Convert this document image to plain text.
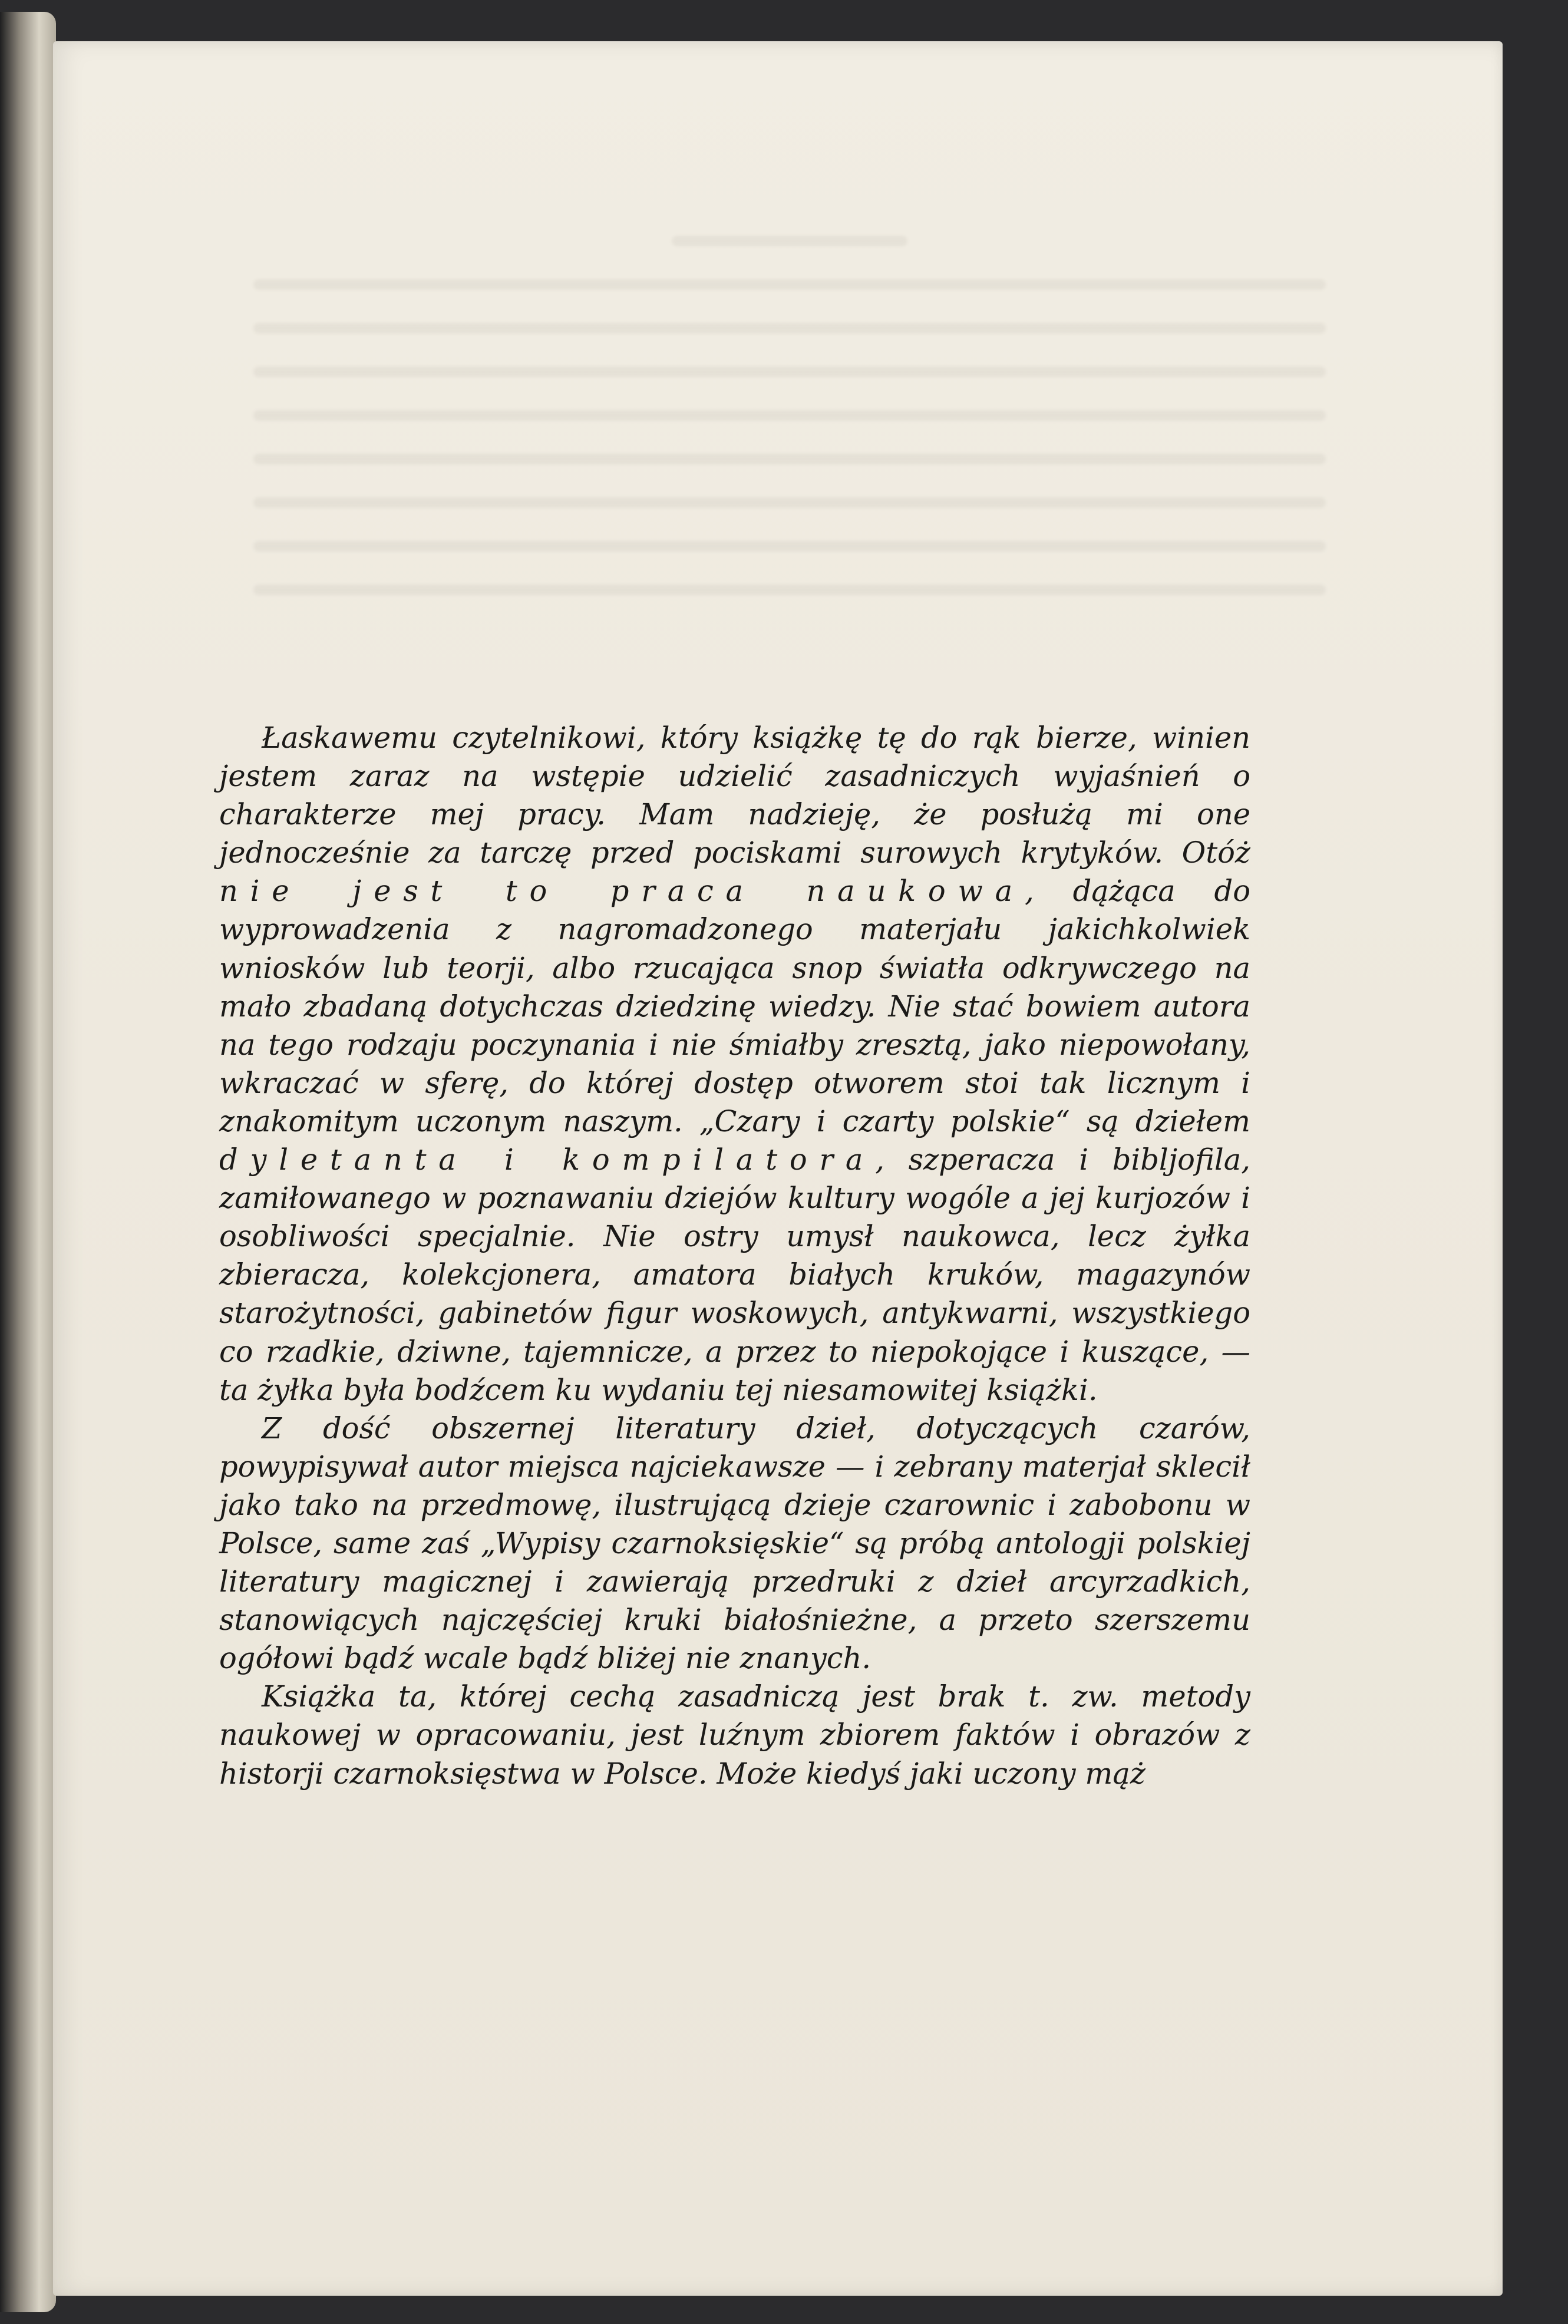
Łaskawemu czytelnikowi, który książkę tę do rąk bierze, winien jestem zaraz na wstępie udzielić zasadniczych wyjaśnień o charakterze mej pracy. Mam nadzieję, że posłużą mi one jednocześnie za tarczę przed pociskami surowych krytyków. Otóż nie jest to praca naukowa, dążąca do wyprowadzenia z nagromadzonego materjału jakichkolwiek wniosków lub teorji, albo rzucająca snop światła odkrywczego na mało zbadaną dotychczas dziedzinę wiedzy. Nie stać bowiem autora na tego rodzaju poczynania i nie śmiałby zresztą, jako niepowołany, wkraczać w sferę, do której dostęp otworem stoi tak licznym i znakomitym uczonym naszym. „Czary i czarty polskie“ są dziełem dyletanta i kompilatora, szperacza i bibljofila, zamiłowanego w poznawaniu dziejów kultury wogóle a jej kurjozów i osobliwości specjalnie. Nie ostry umysł naukowca, lecz żyłka zbieracza, kolekcjonera, amatora białych kruków, magazynów starożytności, gabinetów figur woskowych, antykwarni, wszystkiego co rzadkie, dziwne, tajemnicze, a przez to niepokojące i kuszące, — ta żyłka była bodźcem ku wydaniu tej niesamowitej książki.

Z dość obszernej literatury dzieł, dotyczących czarów, powypisywał autor miejsca najciekawsze — i zebrany materjał sklecił jako tako na przedmowę, ilustrującą dzieje czarownic i zabobonu w Polsce, same zaś „Wypisy czarnoksięskie“ są próbą antologji polskiej literatury magicznej i zawierają przedruki z dzieł arcyrzadkich, stanowiących najczęściej kruki białośnieżne, a przeto szerszemu ogółowi bądź wcale bądź bliżej nie znanych.

Książka ta, której cechą zasadniczą jest brak t. zw. metody naukowej w opracowaniu, jest luźnym zbiorem faktów i obrazów z historji czarnoksięstwa w Polsce. Może kiedyś jaki uczony mąż
